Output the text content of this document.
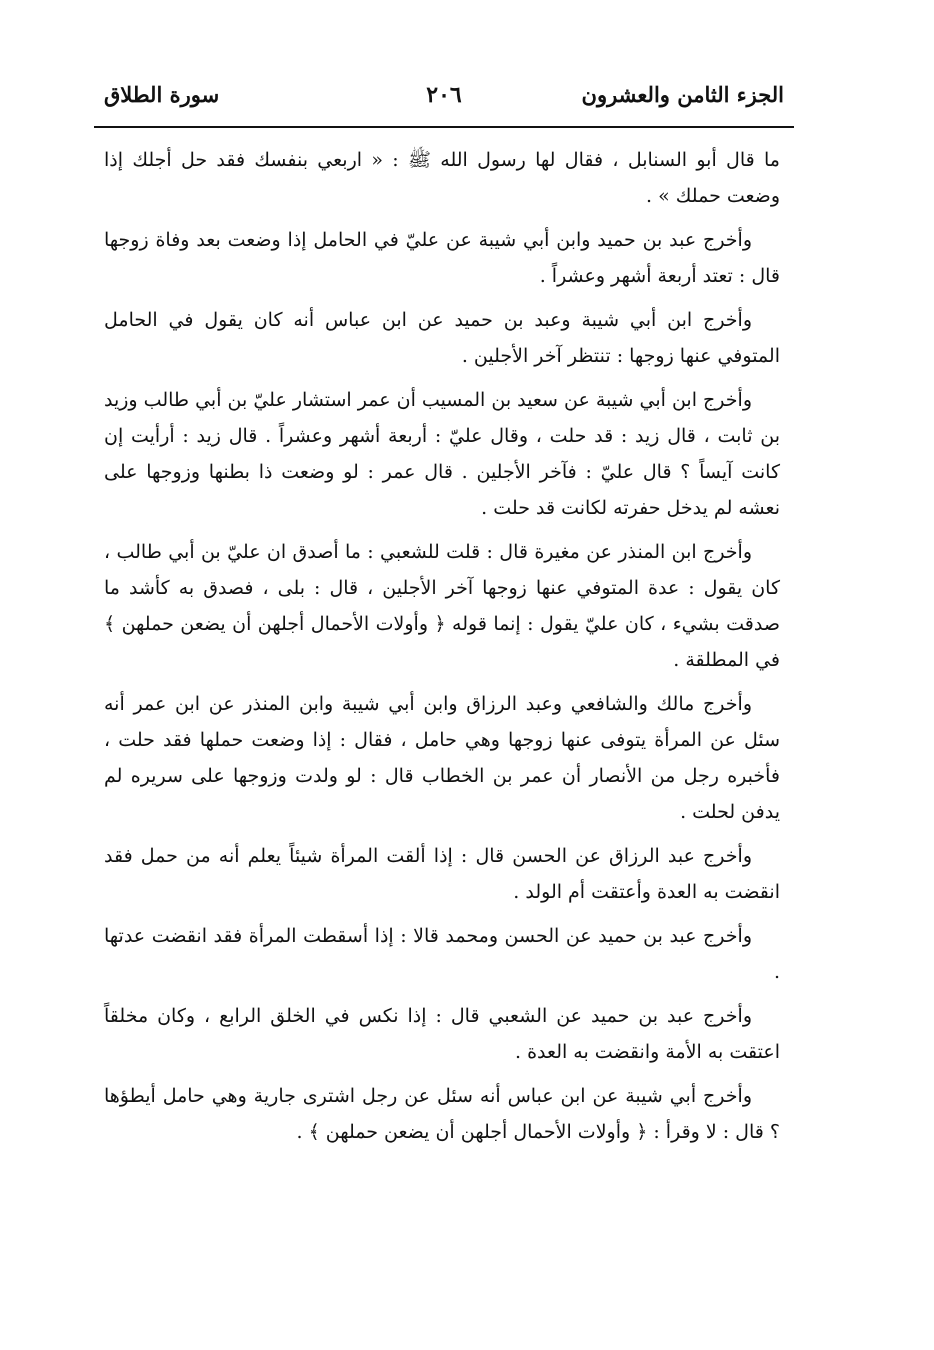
الجزء الثامن والعشرون
٢٠٦
سورة الطلاق

ما قال أبو السنابل ، فقال لها رسول الله ﷺ : « اربعي بنفسك فقد حل أجلك إذا وضعت حملك » .

وأخرج عبد بن حميد وابن أبي شيبة عن عليّ في الحامل إذا وضعت بعد وفاة زوجها قال : تعتد أربعة أشهر وعشراً .

وأخرج ابن أبي شيبة وعبد بن حميد عن ابن عباس أنه كان يقول في الحامل المتوفي عنها زوجها : تنتظر آخر الأجلين .

وأخرج ابن أبي شيبة عن سعيد بن المسيب أن عمر استشار عليّ بن أبي طالب وزيد بن ثابت ، قال زيد : قد حلت ، وقال عليّ : أربعة أشهر وعشراً . قال زيد : أرأيت إن كانت آيساً ؟ قال عليّ : فآخر الأجلين . قال عمر : لو وضعت ذا بطنها وزوجها على نعشه لم يدخل حفرته لكانت قد حلت .

وأخرج ابن المنذر عن مغيرة قال : قلت للشعبي : ما أصدق ان عليّ بن أبي طالب ، كان يقول : عدة المتوفي عنها زوجها آخر الأجلين ، قال : بلى ، فصدق به كأشد ما صدقت بشيء ، كان عليّ يقول : إنما قوله ﴿ وأولات الأحمال أجلهن أن يضعن حملهن ﴾ في المطلقة .

وأخرج مالك والشافعي وعبد الرزاق وابن أبي شيبة وابن المنذر عن ابن عمر أنه سئل عن المرأة يتوفى عنها زوجها وهي حامل ، فقال : إذا وضعت حملها فقد حلت ، فأخبره رجل من الأنصار أن عمر بن الخطاب قال : لو ولدت وزوجها على سريره لم يدفن لحلت .

وأخرج عبد الرزاق عن الحسن قال : إذا ألقت المرأة شيئاً يعلم أنه من حمل فقد انقضت به العدة وأعتقت أم الولد .

وأخرج عبد بن حميد عن الحسن ومحمد قالا : إذا أسقطت المرأة فقد انقضت عدتها .

وأخرج عبد بن حميد عن الشعبي قال : إذا نكس في الخلق الرابع ، وكان مخلقاً اعتقت به الأمة وانقضت به العدة .

وأخرج أبي شيبة عن ابن عباس أنه سئل عن رجل اشترى جارية وهي حامل أيطؤها ؟ قال : لا وقرأ : ﴿ وأولات الأحمال أجلهن أن يضعن حملهن ﴾ .
